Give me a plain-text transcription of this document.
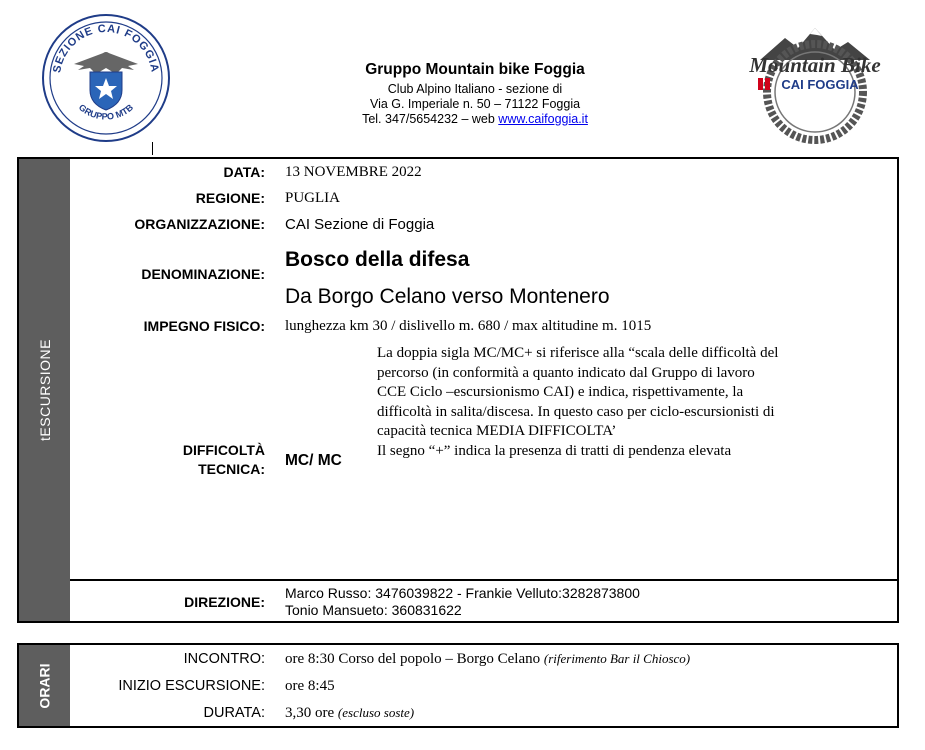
SEZIONE CAI FOGGIA
GRUPPO MTB
Mountain Bike
CAI FOGGIA
Gruppo Mountain bike Foggia
Club Alpino Italiano - sezione di
Via G. Imperiale n. 50 – 71122 Foggia
Tel. 347/5654232 – web www.caifoggia.it
tESCURSIONE
DATA: 13 NOVEMBRE 2022
REGIONE: PUGLIA
ORGANIZZAZIONE: CAI Sezione di Foggia
DENOMINAZIONE:
Bosco della difesa
Da Borgo Celano verso Montenero
IMPEGNO FISICO: lunghezza km 30 / dislivello m. 680 / max altitudine m. 1015
La doppia sigla MC/MC+ si riferisce alla “scala delle difficoltà del
percorso (in conformità a quanto indicato dal Gruppo di lavoro
CCE Ciclo –escursionismo CAI) e indica, rispettivamente, la
difficoltà in salita/discesa. In questo caso per ciclo-escursionisti di
capacità tecnica MEDIA DIFFICOLTA’
Il segno “+” indica la presenza di tratti di pendenza elevata
DIFFICOLTÀ
TECNICA: MC/ MC
DIREZIONE:
Marco Russo: 3476039822 - Frankie Velluto:3282873800
Tonio Mansueto: 360831622
ORARI
INCONTRO: ore 8:30 Corso del popolo – Borgo Celano (riferimento Bar il Chiosco)
INIZIO ESCURSIONE: ore 8:45
DURATA: 3,30 ore (escluso soste)
